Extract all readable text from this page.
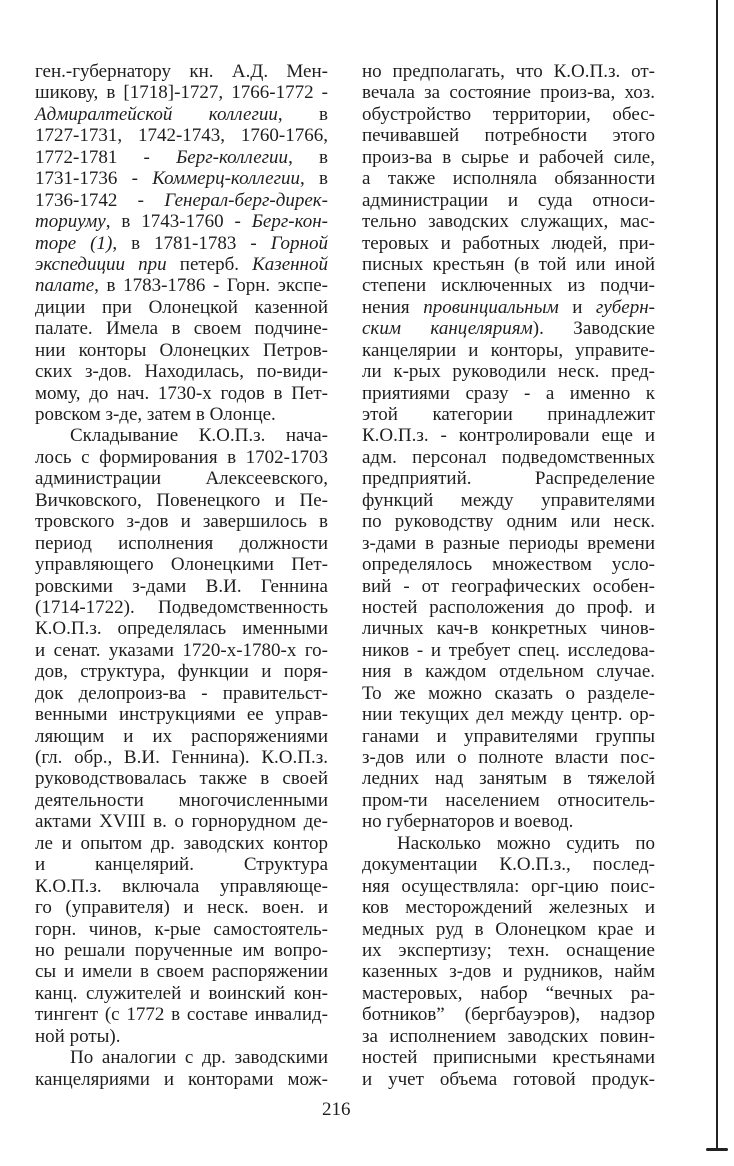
ген.-губернатору кн. А.Д. Мен-
шикову, в [1718]-1727, 1766-1772 -
Адмиралтейской коллегии, в
1727-1731, 1742-1743, 1760-1766,
1772-1781 - Берг-коллегии, в
1731-1736 - Коммерц-коллегии, в
1736-1742 - Генерал-берг-дирек-
ториуму, в 1743-1760 - Берг-кон-
торе (1), в 1781-1783 - Горной
экспедиции при петерб. Казенной
палате, в 1783-1786 - Горн. экспе-
диции при Олонецкой казенной
палате. Имела в своем подчине-
нии конторы Олонецких Петров-
ских з-дов. Находилась, по-види-
мому, до нач. 1730-х годов в Пет-
ровском з-де, затем в Олонце.
Складывание К.О.П.з. нача-
лось с формирования в 1702-1703
администрации Алексеевского,
Вичковского, Повенецкого и Пе-
тровского з-дов и завершилось в
период исполнения должности
управляющего Олонецкими Пет-
ровскими з-дами В.И. Геннина
(1714-1722). Подведомственность
К.О.П.з. определялась именными
и сенат. указами 1720-х-1780-х го-
дов, структура, функции и поря-
док делопроиз-ва - правительст-
венными инструкциями ее управ-
ляющим и их распоряжениями
(гл. обр., В.И. Геннина). К.О.П.з.
руководствовалась также в своей
деятельности многочисленными
актами XVIII в. о горнорудном де-
ле и опытом др. заводских контор
и канцелярий. Структура
К.О.П.з. включала управляюще-
го (управителя) и неск. воен. и
горн. чинов, к-рые самостоятель-
но решали порученные им вопро-
сы и имели в своем распоряжении
канц. служителей и воинский кон-
тингент (с 1772 в составе инвалид-
ной роты).
По аналогии с др. заводскими
канцеляриями и конторами мож-
но предполагать, что К.О.П.з. от-
вечала за состояние произ-ва, хоз.
обустройство территории, обес-
печивавшей потребности этого
произ-ва в сырье и рабочей силе,
а также исполняла обязанности
администрации и суда относи-
тельно заводских служащих, мас-
теровых и работных людей, при-
писных крестьян (в той или иной
степени исключенных из подчи-
нения провинциальным и губерн-
ским канцеляриям). Заводские
канцелярии и конторы, управите-
ли к-рых руководили неск. пред-
приятиями сразу - а именно к
этой категории принадлежит
К.О.П.з. - контролировали еще и
адм. персонал подведомственных
предприятий. Распределение
функций между управителями
по руководству одним или неск.
з-дами в разные периоды времени
определялось множеством усло-
вий - от географических особен-
ностей расположения до проф. и
личных кач-в конкретных чинов-
ников - и требует спец. исследова-
ния в каждом отдельном случае.
То же можно сказать о разделе-
нии текущих дел между центр. ор-
ганами и управителями группы
з-дов или о полноте власти пос-
ледних над занятым в тяжелой
пром-ти населением относитель-
но губернаторов и воевод.
Насколько можно судить по
документации К.О.П.з., послед-
няя осуществляла: орг-цию поис-
ков месторождений железных и
медных руд в Олонецком крае и
их экспертизу; техн. оснащение
казенных з-дов и рудников, найм
мастеровых, набор “вечных ра-
ботников” (бергбауэров), надзор
за исполнением заводских повин-
ностей приписными крестьянами
и учет объема готовой продук-
216
